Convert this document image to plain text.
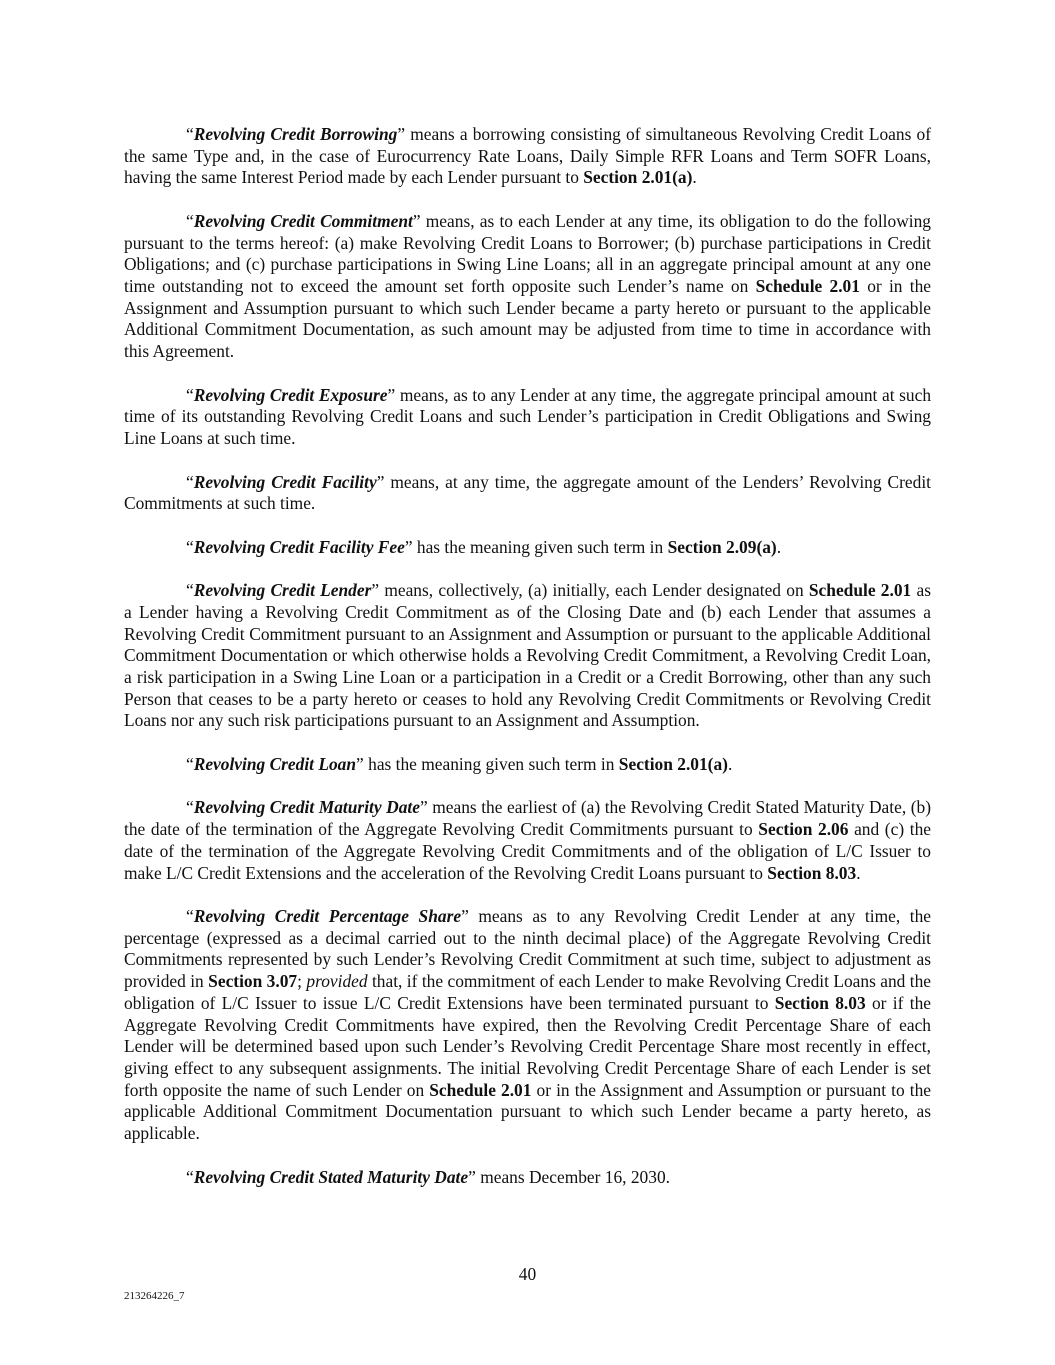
“Revolving Credit Borrowing” means a borrowing consisting of simultaneous Revolving Credit Loans of the same Type and, in the case of Eurocurrency Rate Loans, Daily Simple RFR Loans and Term SOFR Loans, having the same Interest Period made by each Lender pursuant to Section 2.01(a).

“Revolving Credit Commitment” means, as to each Lender at any time, its obligation to do the following pursuant to the terms hereof: (a) make Revolving Credit Loans to Borrower; (b) purchase participations in Credit Obligations; and (c) purchase participations in Swing Line Loans; all in an aggregate principal amount at any one time outstanding not to exceed the amount set forth opposite such Lender’s name on Schedule 2.01 or in the Assignment and Assumption pursuant to which such Lender became a party hereto or pursuant to the applicable Additional Commitment Documentation, as such amount may be adjusted from time to time in accordance with this Agreement.

“Revolving Credit Exposure” means, as to any Lender at any time, the aggregate principal amount at such time of its outstanding Revolving Credit Loans and such Lender’s participation in Credit Obligations and Swing Line Loans at such time.

“Revolving Credit Facility” means, at any time, the aggregate amount of the Lenders’ Revolving Credit Commitments at such time.

“Revolving Credit Facility Fee” has the meaning given such term in Section 2.09(a).

“Revolving Credit Lender” means, collectively, (a) initially, each Lender designated on Schedule 2.01 as a Lender having a Revolving Credit Commitment as of the Closing Date and (b) each Lender that assumes a Revolving Credit Commitment pursuant to an Assignment and Assumption or pursuant to the applicable Additional Commitment Documentation or which otherwise holds a Revolving Credit Commitment, a Revolving Credit Loan, a risk participation in a Swing Line Loan or a participation in a Credit or a Credit Borrowing, other than any such Person that ceases to be a party hereto or ceases to hold any Revolving Credit Commitments or Revolving Credit Loans nor any such risk participations pursuant to an Assignment and Assumption.

“Revolving Credit Loan” has the meaning given such term in Section 2.01(a).

“Revolving Credit Maturity Date” means the earliest of (a) the Revolving Credit Stated Maturity Date, (b) the date of the termination of the Aggregate Revolving Credit Commitments pursuant to Section 2.06 and (c) the date of the termination of the Aggregate Revolving Credit Commitments and of the obligation of L/C Issuer to make L/C Credit Extensions and the acceleration of the Revolving Credit Loans pursuant to Section 8.03.

“Revolving Credit Percentage Share” means as to any Revolving Credit Lender at any time, the percentage (expressed as a decimal carried out to the ninth decimal place) of the Aggregate Revolving Credit Commitments represented by such Lender’s Revolving Credit Commitment at such time, subject to adjustment as provided in Section 3.07; provided that, if the commitment of each Lender to make Revolving Credit Loans and the obligation of L/C Issuer to issue L/C Credit Extensions have been terminated pursuant to Section 8.03 or if the Aggregate Revolving Credit Commitments have expired, then the Revolving Credit Percentage Share of each Lender will be determined based upon such Lender’s Revolving Credit Percentage Share most recently in effect, giving effect to any subsequent assignments. The initial Revolving Credit Percentage Share of each Lender is set forth opposite the name of such Lender on Schedule 2.01 or in the Assignment and Assumption or pursuant to the applicable Additional Commitment Documentation pursuant to which such Lender became a party hereto, as applicable.

“Revolving Credit Stated Maturity Date” means December 16, 2030.

40
213264226_7
